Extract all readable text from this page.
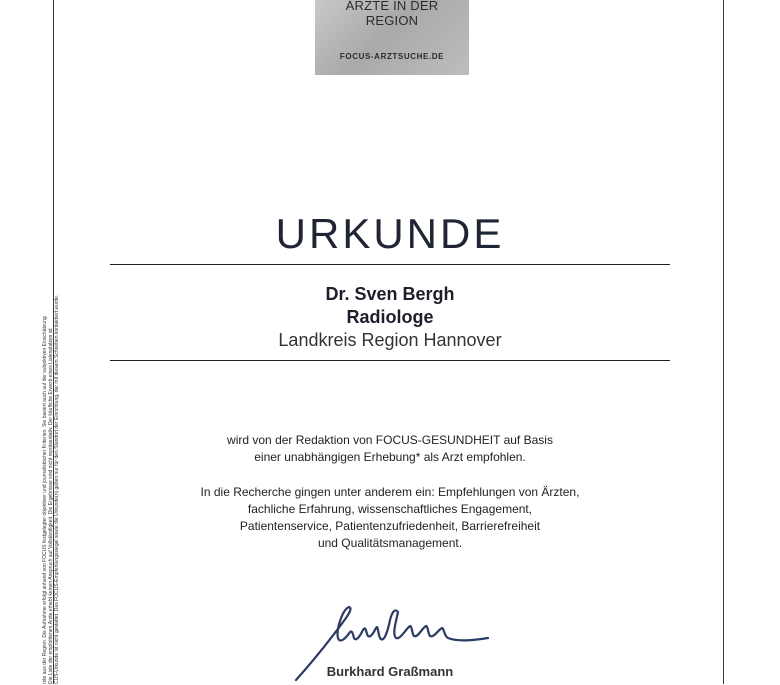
ÄRZTE IN DER
REGION
FOCUS-ARZTSUCHE.DE
rzte aus der Region. Die Aufnahme erfolgt anhand von FOCUS festgelegter objektiver und journalistischer Kriterien. Sie basiert auch auf der subjektiven Einschätzung Die Liste der empfohlenen Ärzte erhebt keinen Anspruch auf Vollständigkeit. Die Ergebnisse sind nicht repräsentativ. Der käufliche Erwerb eines Listenplatzes ist CUS-Urkunde ist nicht gestattet. Das FOCUS-Empfehlungssiegel sowie die Urkunde(n) gelten nur für den Standort der Einrichtung, der mit diesem Schreiben kontaktiert wurde.
URKUNDE
Dr. Sven Bergh
Radiologe
Landkreis Region Hannover
wird von der Redaktion von FOCUS-GESUNDHEIT auf Basis
einer unabhängigen Erhebung* als Arzt empfohlen.
In die Recherche gingen unter anderem ein: Empfehlungen von Ärzten,
fachliche Erfahrung, wissenschaftliches Engagement,
Patientenservice, Patientenzufriedenheit, Barrierefreiheit
und Qualitätsmanagement.
Burkhard Graßmann
